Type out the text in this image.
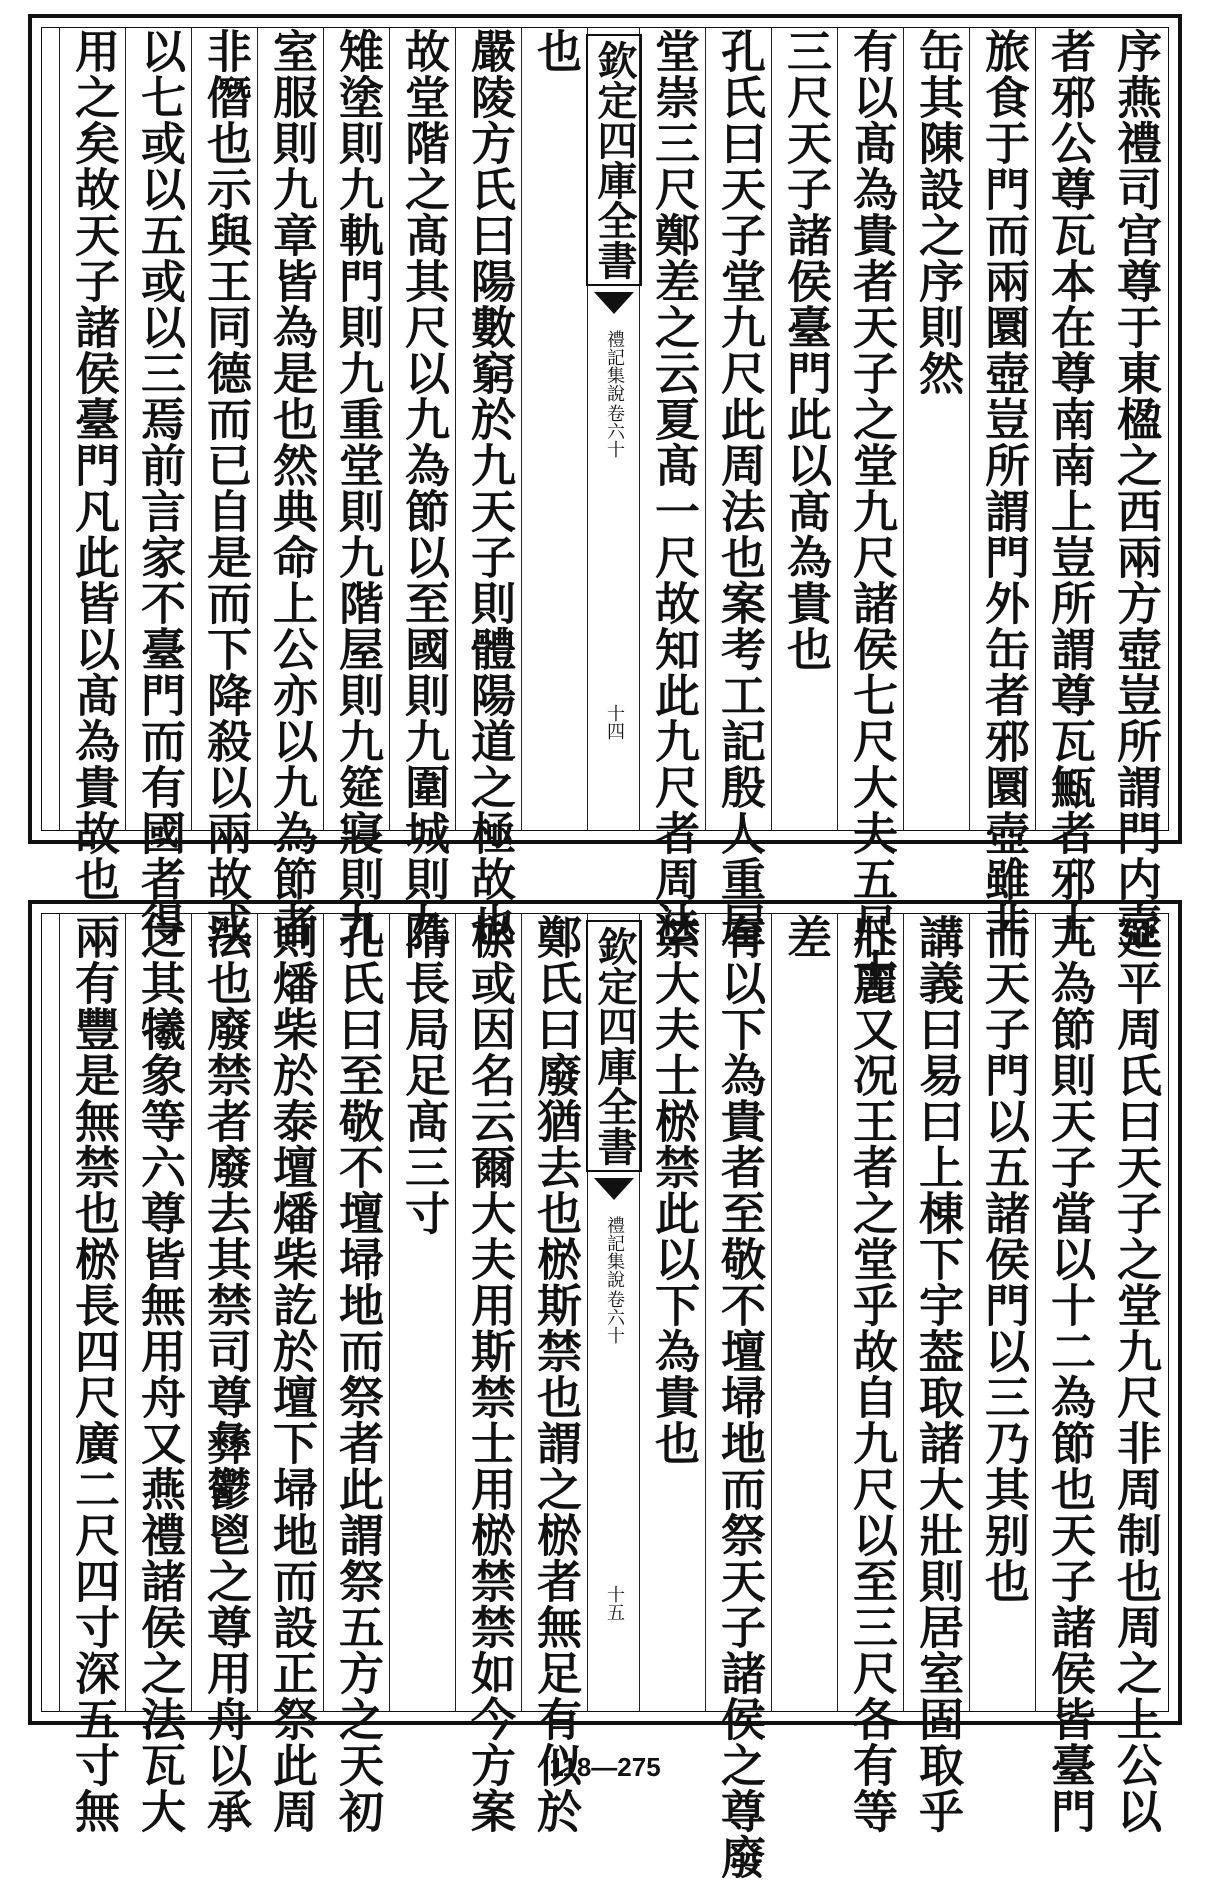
序燕禮司宫尊于東楹之西兩方壺豈所謂門内壺
者邪公尊瓦本在尊南南上豈所謂尊瓦甒者邪士
旅食于門而兩圜壺豈所謂門外缶者邪圜壺雖非
缶其陳設之序則然
有以髙為貴者天子之堂九尺諸侯七尺大夫五尺士
三尺天子諸侯臺門此以髙為貴也
孔氏曰天子堂九尺此周法也案考工記殷人重屋
堂崇三尺鄭差之云夏髙一尺故知此九尺者周法
欽定四庫全書
禮記集說
卷六十
十四
也
嚴陵方氏曰陽數窮於九天子則體陽道之極故也
故堂階之髙其尺以九為節以至國則九圍城則九
雉塗則九軌門則九重堂則九階屋則九筵寢則九
室服則九章皆為是也然典命上公亦以九為節者
非僭也示與王同德而已自是而下降殺以兩故或
以七或以五或以三焉前言家不臺門而有國者得
用之矣故天子諸侯臺門凡此皆以髙為貴故也
延平周氏曰天子之堂九尺非周制也周之上公以
九為節則天子當以十二為節也天子諸侯皆臺門
而天子門以五諸侯門以三乃其别也
講義曰易曰上棟下宇葢取諸大壯則居室固取乎
壯麗又况王者之堂乎故自九尺以至三尺各有等
差
有以下為貴者至敬不壇埽地而祭天子諸侯之尊廢
禁大夫士棜禁此以下為貴也
欽定四庫全書
禮記集說
卷六十
十五
鄭氏曰廢猶去也棜斯禁也謂之棜者無足有似於
棜或因名云爾大夫用斯禁士用棜禁禁如今方案
隋長局足髙三寸
孔氏曰至敬不壇埽地而祭者此謂祭五方之天初
則燔柴於泰壇燔柴訖於壇下埽地而設正祭此周
法也廢禁者廢去其禁司尊彝鬱鬯之尊用舟以承
之其犧象等六尊皆無用舟又燕禮諸侯之法瓦大
兩有豐是無禁也棜長四尺廣二尺四寸深五寸無	118—275
